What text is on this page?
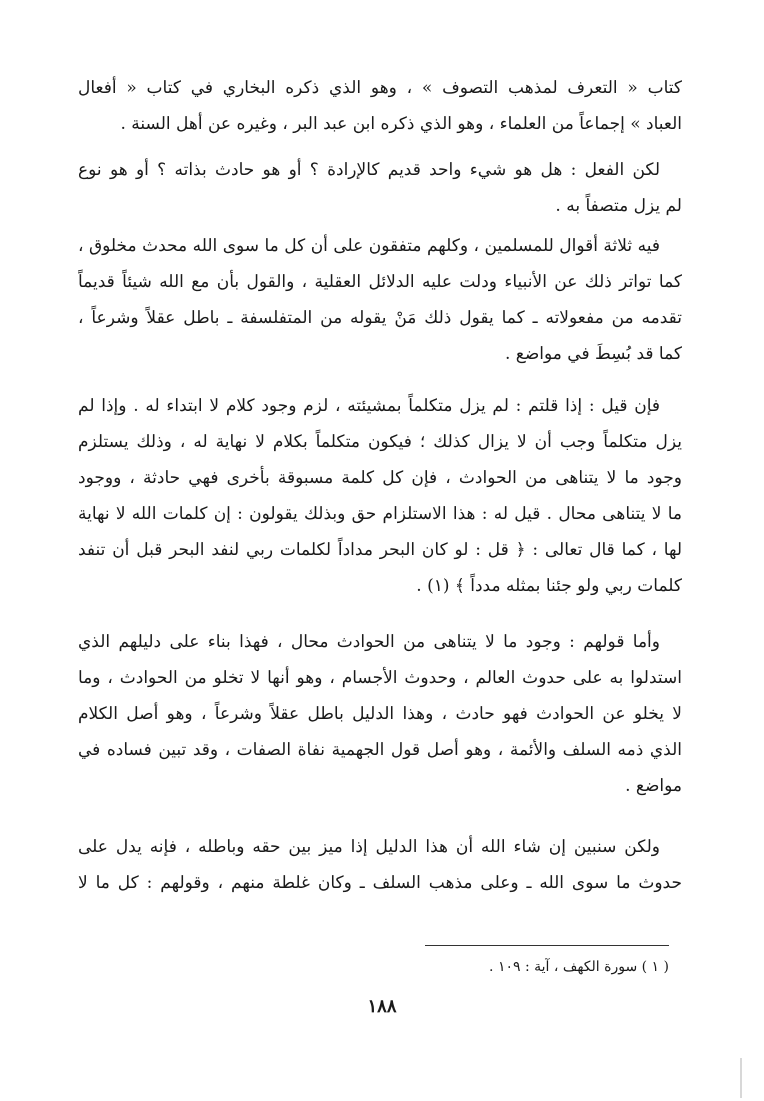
كتاب « التعرف لمذهب التصوف » ، وهو الذي ذكره البخاري في كتاب « أفعال
العباد » إجماعاً من العلماء ، وهو الذي ذكره ابن عبد البر ، وغيره عن أهل السنة .
لكن الفعل : هل هو شيء واحد قديم كالإرادة ؟ أو هو حادث بذاته ؟ أو هو نوع
لم يزل متصفاً به .
فيه ثلاثة أقوال للمسلمين ، وكلهم متفقون على أن كل ما سوى الله محدث مخلوق ،
كما تواتر ذلك عن الأنبياء ودلت عليه الدلائل العقلية ، والقول بأن مع الله شيئاً قديماً
تقدمه من مفعولاته ـ كما يقول ذلك مَنْ يقوله من المتفلسفة ـ باطل عقلاً وشرعاً ،
كما قد بُسِطَ في مواضع .
فإن قيل : إذا قلتم : لم يزل متكلماً بمشيئته ، لزم وجود كلام لا ابتداء له . وإذا لم
يزل متكلماً وجب أن لا يزال كذلك ؛ فيكون متكلماً بكلام لا نهاية له ، وذلك يستلزم
وجود ما لا يتناهى من الحوادث ، فإن كل كلمة مسبوقة بأخرى فهي حادثة ، ووجود
ما لا يتناهى محال . قيل له : هذا الاستلزام حق وبذلك يقولون : إن كلمات الله لا نهاية
لها ، كما قال تعالى : ﴿ قل : لو كان البحر مداداً لكلمات ربي لنفد البحر قبل أن تنفد
كلمات ربي ولو جئنا بمثله مدداً ﴾ (١) .
وأما قولهم : وجود ما لا يتناهى من الحوادث محال ، فهذا بناء على دليلهم الذي
استدلوا به على حدوث العالم ، وحدوث الأجسام ، وهو أنها لا تخلو من الحوادث ، وما
لا يخلو عن الحوادث فهو حادث ، وهذا الدليل باطل عقلاً وشرعاً ، وهو أصل الكلام
الذي ذمه السلف والأئمة ، وهو أصل قول الجهمية نفاة الصفات ، وقد تبين فساده في
مواضع .
ولكن سنبين إن شاء الله أن هذا الدليل إذا ميز بين حقه وباطله ، فإنه يدل على
حدوث ما سوى الله ـ وعلى مذهب السلف ـ وكان غلطة منهم ، وقولهم : كل ما لا
( ١ ) سورة الكهف ، آية : ١٠٩ .
١٨٨
